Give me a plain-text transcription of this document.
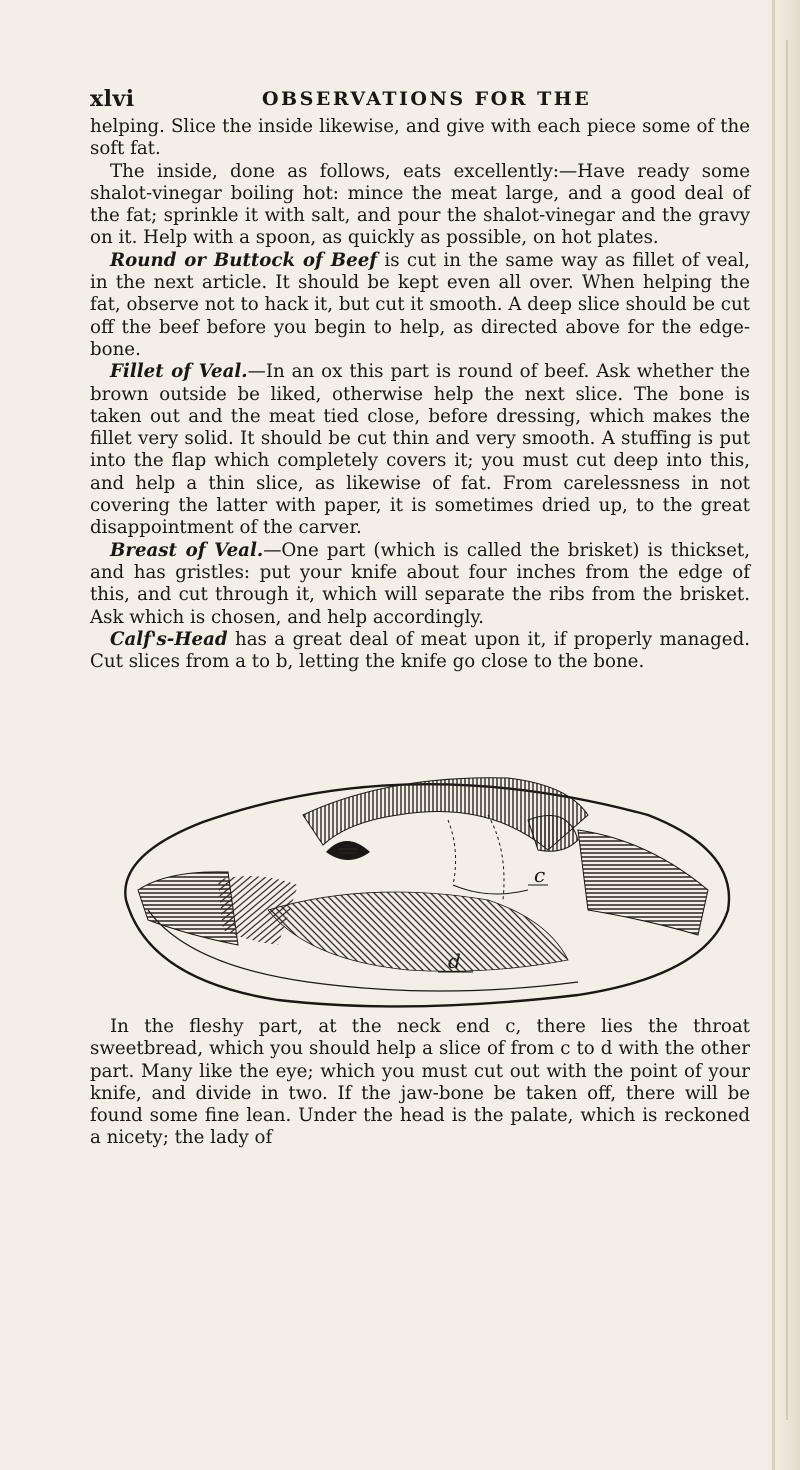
xlvi	OBSERVATIONS FOR THE

helping. Slice the inside likewise, and give with each piece some of the soft fat.

The inside, done as follows, eats excellently:—Have ready some shalot-vinegar boiling hot: mince the meat large, and a good deal of the fat; sprinkle it with salt, and pour the shalot-vinegar and the gravy on it. Help with a spoon, as quickly as possible, on hot plates.

Round or Buttock of Beef is cut in the same way as fillet of veal, in the next article. It should be kept even all over. When helping the fat, observe not to hack it, but cut it smooth. A deep slice should be cut off the beef before you begin to help, as directed above for the edge-bone.

Fillet of Veal.—In an ox this part is round of beef. Ask whether the brown outside be liked, otherwise help the next slice. The bone is taken out and the meat tied close, before dressing, which makes the fillet very solid. It should be cut thin and very smooth. A stuffing is put into the flap which completely covers it; you must cut deep into this, and help a thin slice, as likewise of fat. From carelessness in not covering the latter with paper, it is sometimes dried up, to the great disappointment of the carver.

Breast of Veal.—One part (which is called the brisket) is thickset, and has gristles: put your knife about four inches from the edge of this, and cut through it, which will separate the ribs from the brisket. Ask which is chosen, and help accordingly.

Calf's-Head has a great deal of meat upon it, if properly managed. Cut slices from a to b, letting the knife go close to the bone.

c
d

In the fleshy part, at the neck end c, there lies the throat sweetbread, which you should help a slice of from c to d with the other part. Many like the eye; which you must cut out with the point of your knife, and divide in two. If the jaw-bone be taken off, there will be found some fine lean. Under the head is the palate, which is reckoned a nicety; the lady of
